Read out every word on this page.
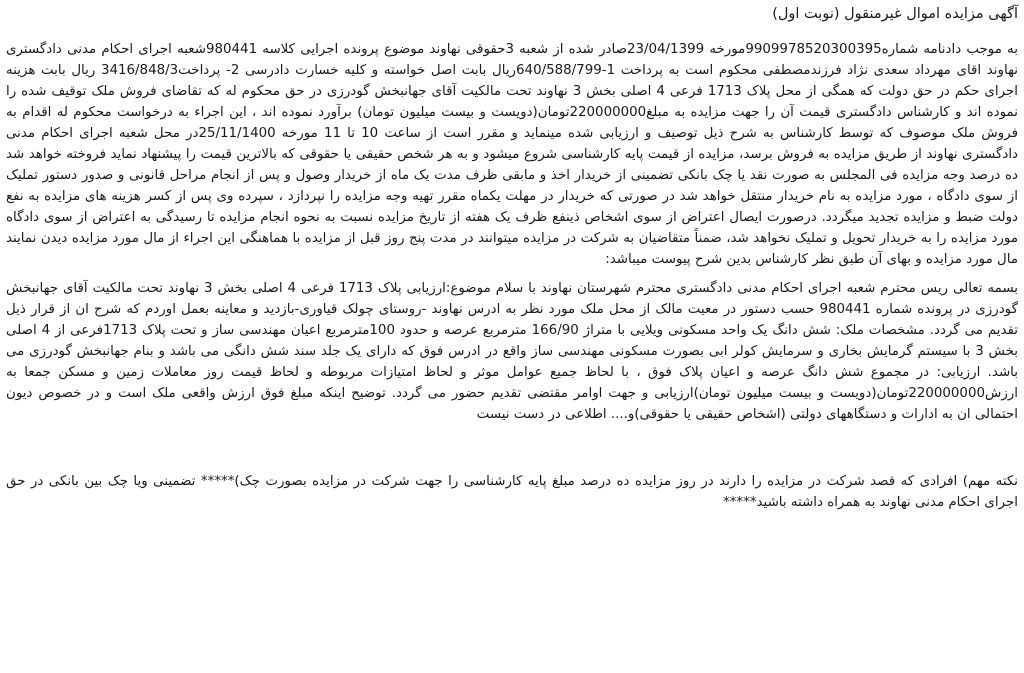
آگهی مزایده اموال غیرمنقول (نوبت اول)

به موجب دادنامه شماره9909978520300395مورخه 23/04/1399صادر شده از شعبه 3حقوقی نهاوند موضوع پرونده اجرایی کلاسه 980441شعبه اجرای احکام مدنی دادگستری نهاوند اقای مهرداد سعدی نژاد فرزندمصطفی محکوم است به پرداخت 1-640/588/799ریال بابت اصل خواسته و کلیه خسارت دادرسی 2- پرداخت3416/848/3 ریال بابت هزینه اجرای حکم در حق دولت که همگی از محل پلاک 1713 فرعی 4 اصلی بخش 3 نهاوند تحت مالکیت آقای جهانبخش گودرزی در حق محکوم له که تقاضای فروش ملک توقیف شده را نموده اند و کارشناس دادگستری قیمت آن را جهت مزایده به مبلغ220000000تومان(دویست و بیست میلیون تومان) برآورد نموده اند ، این اجراء به درخواست محکوم له اقدام به فروش ملک موصوف که توسط کارشناس به شرح ذیل توصیف و ارزیابی شده مینماید و مقرر است از ساعت 10 تا 11 مورخه 25/11/1400در محل شعبه اجرای احکام مدنی دادگستری نهاوند از طریق مزایده به فروش برسد، مزایده از قیمت پایه کارشناسی شروع میشود و به هر شخص حقیقی یا حقوقی که بالاترین قیمت را پیشنهاد نماید فروخته خواهد شد ده درصد وجه مزایده فی المجلس به صورت نقد یا چک بانکی تضمینی از خریدار اخذ و مابقی ظرف مدت یک ماه از خریدار وصول و پس از انجام مراحل قانونی و صدور دستور تملیک از سوی دادگاه ، مورد مزایده به نام خریدار منتقل خواهد شد در صورتی که خریدار در مهلت یکماه مقرر تهیه وجه مزایده را نپردازد ، سپرده وی پس از کسر هزینه های مزایده به نفع دولت ضبط و مزایده تجدید میگردد. درصورت ایصال اعتراض از سوی اشخاص ذینفع ظرف یک هفته از تاریخ مزایده نسبت به نحوه انجام مزایده تا رسیدگی به اعتراض از سوی دادگاه مورد مزایده را به خریدار تحویل و تملیک نخواهد شد، ضمناً متقاضیان به شرکت در مزایده میتوانند در مدت پنج روز قبل از مزایده با هماهنگی این اجراء از مال مورد مزایده دیدن نمایند مال مورد مزایده و بهای آن طبق نظر کارشناس بدین شرح پیوست میباشد:

بسمه تعالی ریس محترم شعبه اجرای احکام مدنی دادگستری محترم شهرستان نهاوند با سلام موضوع:ارزیابی پلاک 1713 فرعی 4 اصلی بخش 3 نهاوند تحت مالکیت آقای جهانبخش گودرزی در پرونده شماره 980441 حسب دستور در معیت مالک از محل ملک مورد نظر به ادرس نهاوند -روستای چولک قیاوری-بازدید و معاینه بعمل اوردم که شرح ان از قرار ذیل تقدیم می گردد. مشخصات ملک: شش دانگ یک واحد مسکونی ویلایی با متراژ 166/90 مترمربع عرصه و حدود 100مترمربع اعیان مهندسی ساز و تحت پلاک 1713فرعی از 4 اصلی بخش 3 با سیستم گرمایش بخاری و سرمایش کولر ابی بصورت مسکونی مهندسی ساز واقع در ادرس فوق که دارای یک جلد سند شش دانگی می باشد و بنام جهانبخش گودرزی می باشد. ارزیابی: در مجموع شش دانگ عرصه و اعیان پلاک فوق ، با لحاظ جمیع عوامل موثر و لحاظ امتیازات مربوطه و لحاظ قیمت روز معاملات زمین و مسکن جمعا به ارزش220000000تومان(دویست و بیست میلیون تومان)ارزیابی و جهت اوامر مقتضی تقدیم حضور می گردد. توضیح اینکه مبلغ فوق ارزش واقعی ملک است و در خصوص دیون احتمالی ان به ادارات و دستگاههای دولتی (اشخاص حقیقی یا حقوقی)و.... اطلاعی در دست نیست

نکته مهم) افرادی که قصد شرکت در مزایده را دارند در روز مزایده ده درصد مبلغ پایه کارشناسی را جهت شرکت در مزایده بصورت چک)***** تضمینی ویا چک بین بانکی در حق اجرای احکام مدنی نهاوند به همراه داشته باشید*****
